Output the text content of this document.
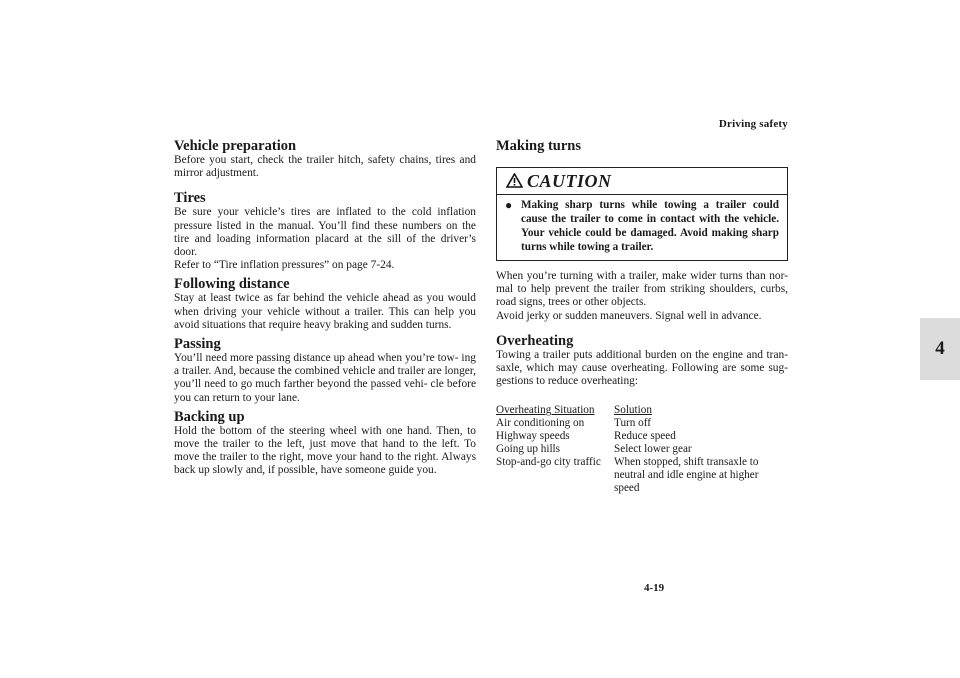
Driving safety
4
Vehicle preparation

Before you start, check the trailer hitch, safety chains, tires and mirror adjustment.

Tires

Be sure your vehicle’s tires are inflated to the cold inflation pressure listed in the manual. You’ll find these numbers on the tire and loading information placard at the sill of the driver’s door.

Refer to “Tire inflation pressures” on page 7-24.

Following distance

Stay at least twice as far behind the vehicle ahead as you would when driving your vehicle without a trailer. This can help you avoid situations that require heavy braking and sudden turns.

Passing

You’ll need more passing distance up ahead when you’re tow- ing a trailer. And, because the combined vehicle and trailer are longer, you’ll need to go much farther beyond the passed vehi- cle before you can return to your lane.

Backing up

Hold the bottom of the steering wheel with one hand. Then, to move the trailer to the left, just move that hand to the left. To move the trailer to the right, move your hand to the right. Always back up slowly and, if possible, have someone guide you.

Making turns
CAUTION
● Making sharp turns while towing a trailer could cause the trailer to come in contact with the vehicle. Your vehicle could be damaged. Avoid making sharp turns while towing a trailer.

When you’re turning with a trailer, make wider turns than nor- mal to help prevent the trailer from striking shoulders, curbs, road signs, trees or other objects.

Avoid jerky or sudden maneuvers. Signal well in advance.

Overheating

Towing a trailer puts additional burden on the engine and tran- saxle, which may cause overheating. Following are some sug- gestions to reduce overheating:

Overheating Situation	Solution
Air conditioning on	Turn off
Highway speeds	Reduce speed
Going up hills	Select lower gear
Stop-and-go city traffic	When stopped, shift transaxle to neutral and idle engine at higher speed
4-19
